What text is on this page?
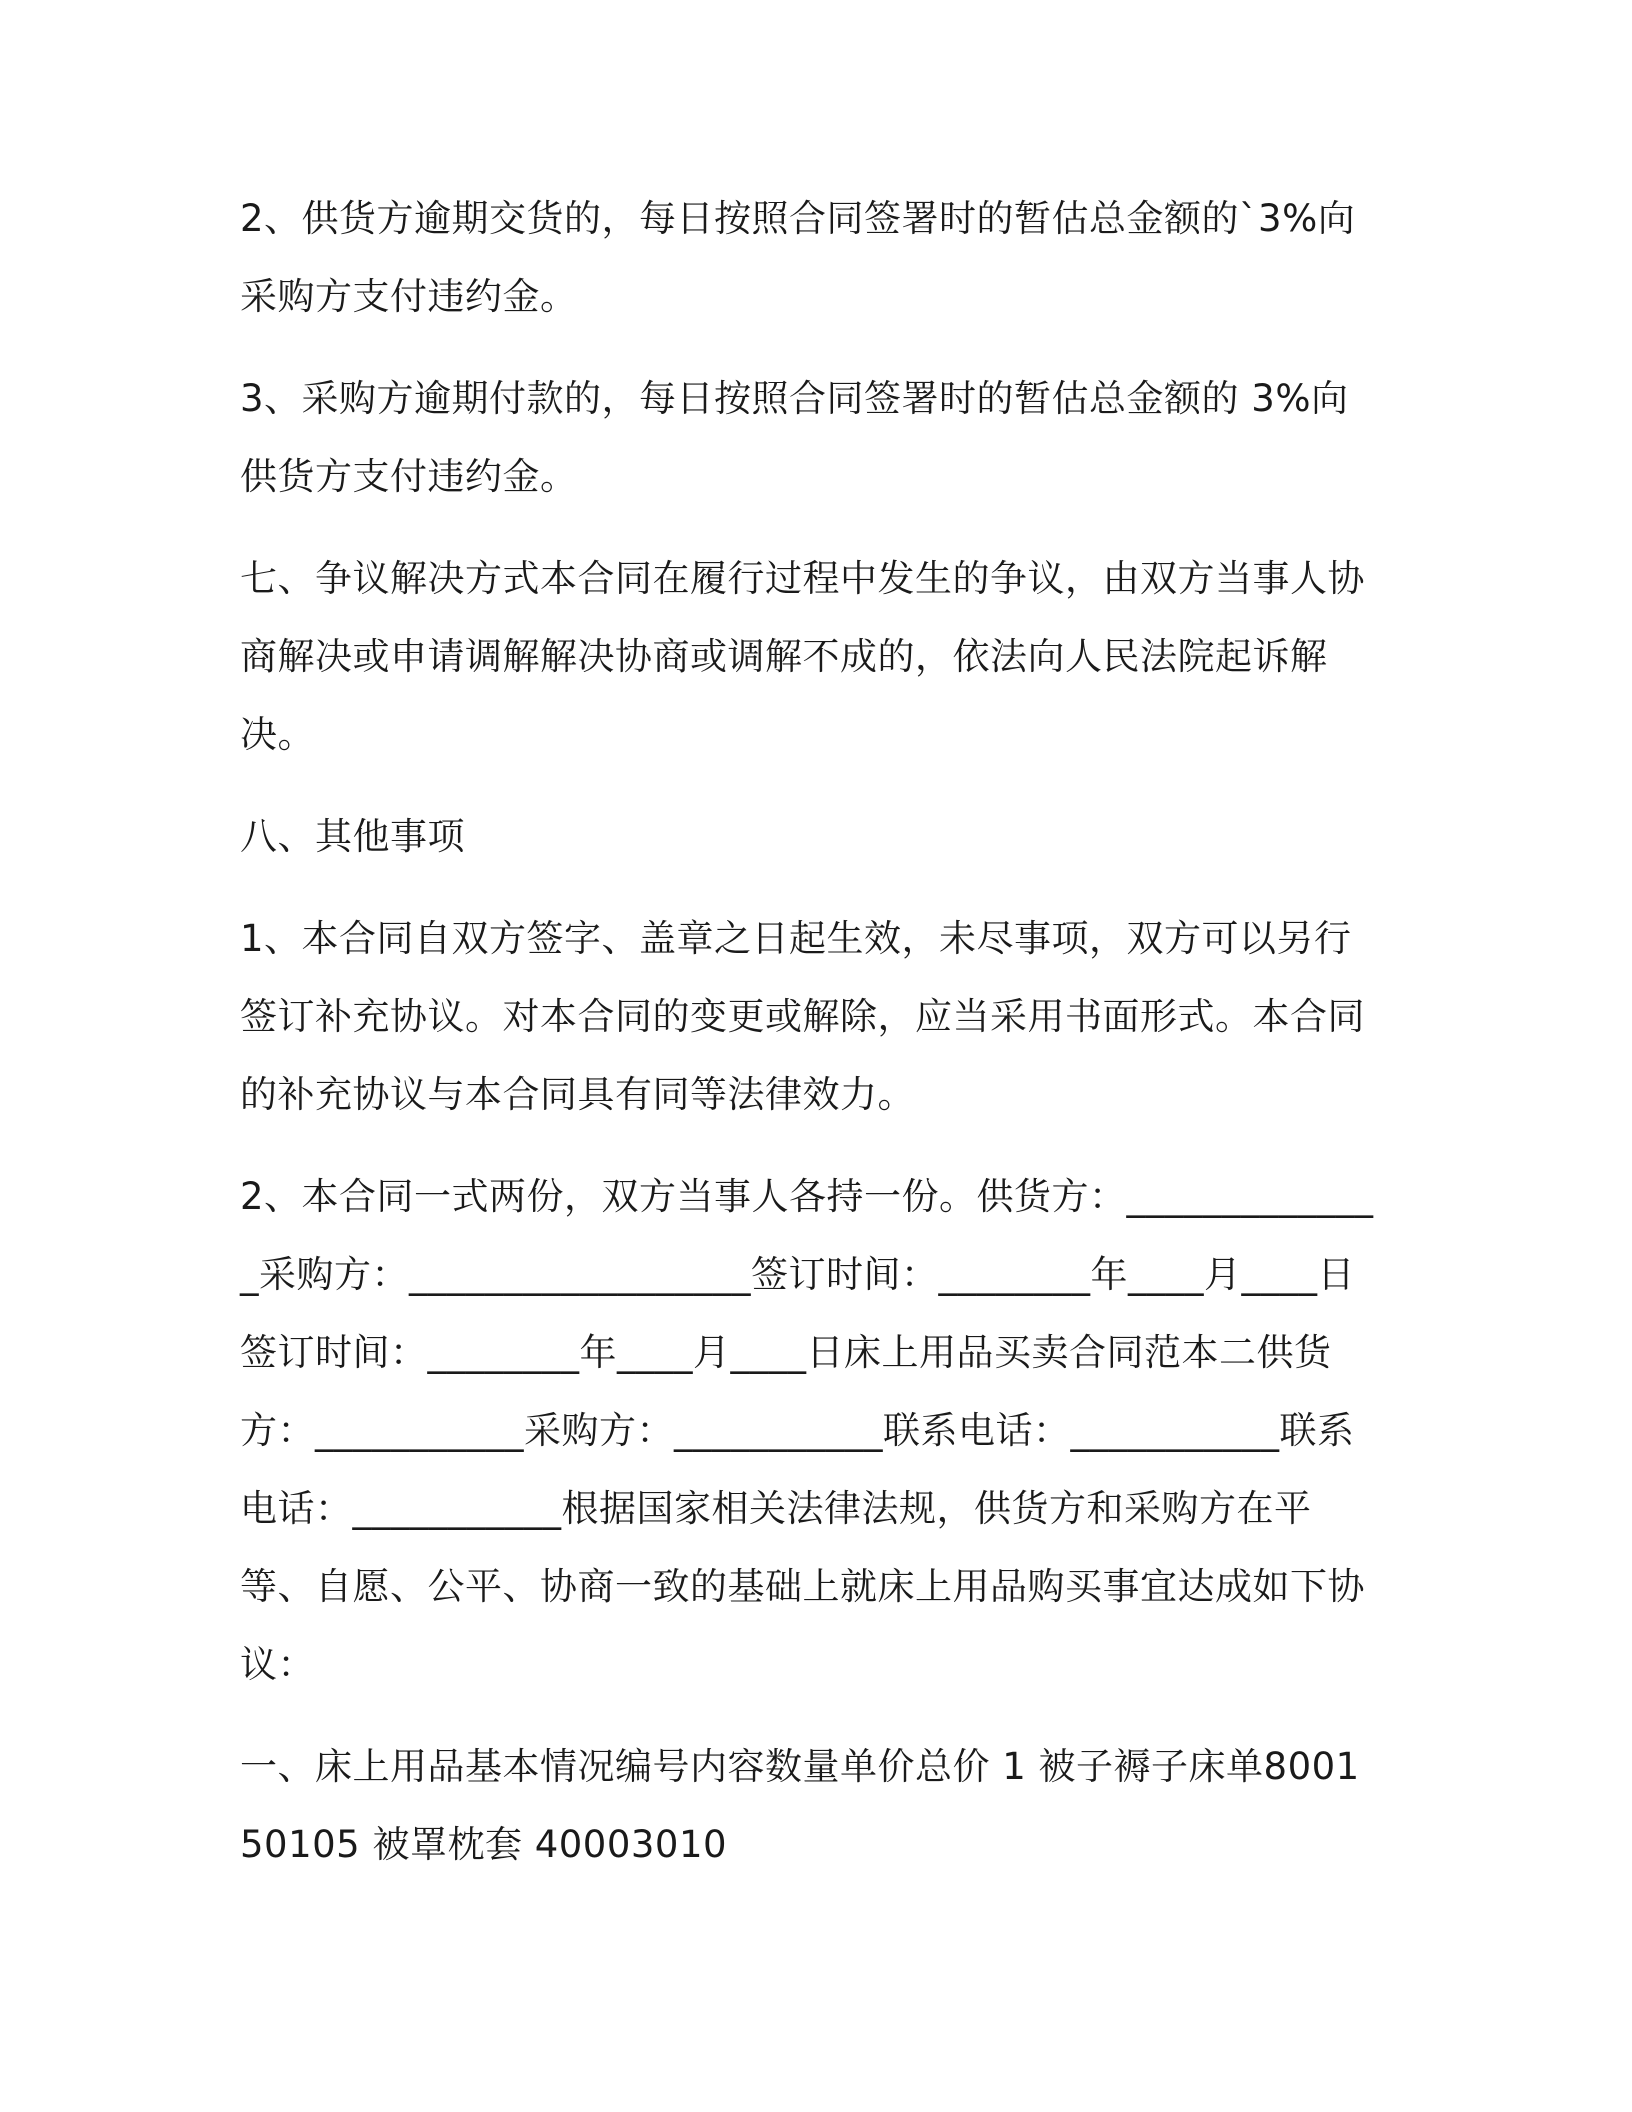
2、供货方逾期交货的，每日按照合同签署时的暂估总金额的`3%向采购方支付违约金。

3、采购方逾期付款的，每日按照合同签署时的暂估总金额的 3%向供货方支付违约金。

七、争议解决方式本合同在履行过程中发生的争议，由双方当事人协商解决或申请调解解决协商或调解不成的，依法向人民法院起诉解决。

八、其他事项

1、本合同自双方签字、盖章之日起生效，未尽事项，双方可以另行签订补充协议。对本合同的变更或解除，应当采用书面形式。本合同的补充协议与本合同具有同等法律效力。

2、本合同一式两份，双方当事人各持一份。供货方：______________采购方：__________________签订时间：________年____月____日签订时间：________年____月____日床上用品买卖合同范本二供货方：___________采购方：___________联系电话：___________联系电话：___________根据国家相关法律法规，供货方和采购方在平等、自愿、公平、协商一致的基础上就床上用品购买事宜达成如下协议：

一、床上用品基本情况编号内容数量单价总价 1 被子褥子床单800150105 被罩枕套 40003010
